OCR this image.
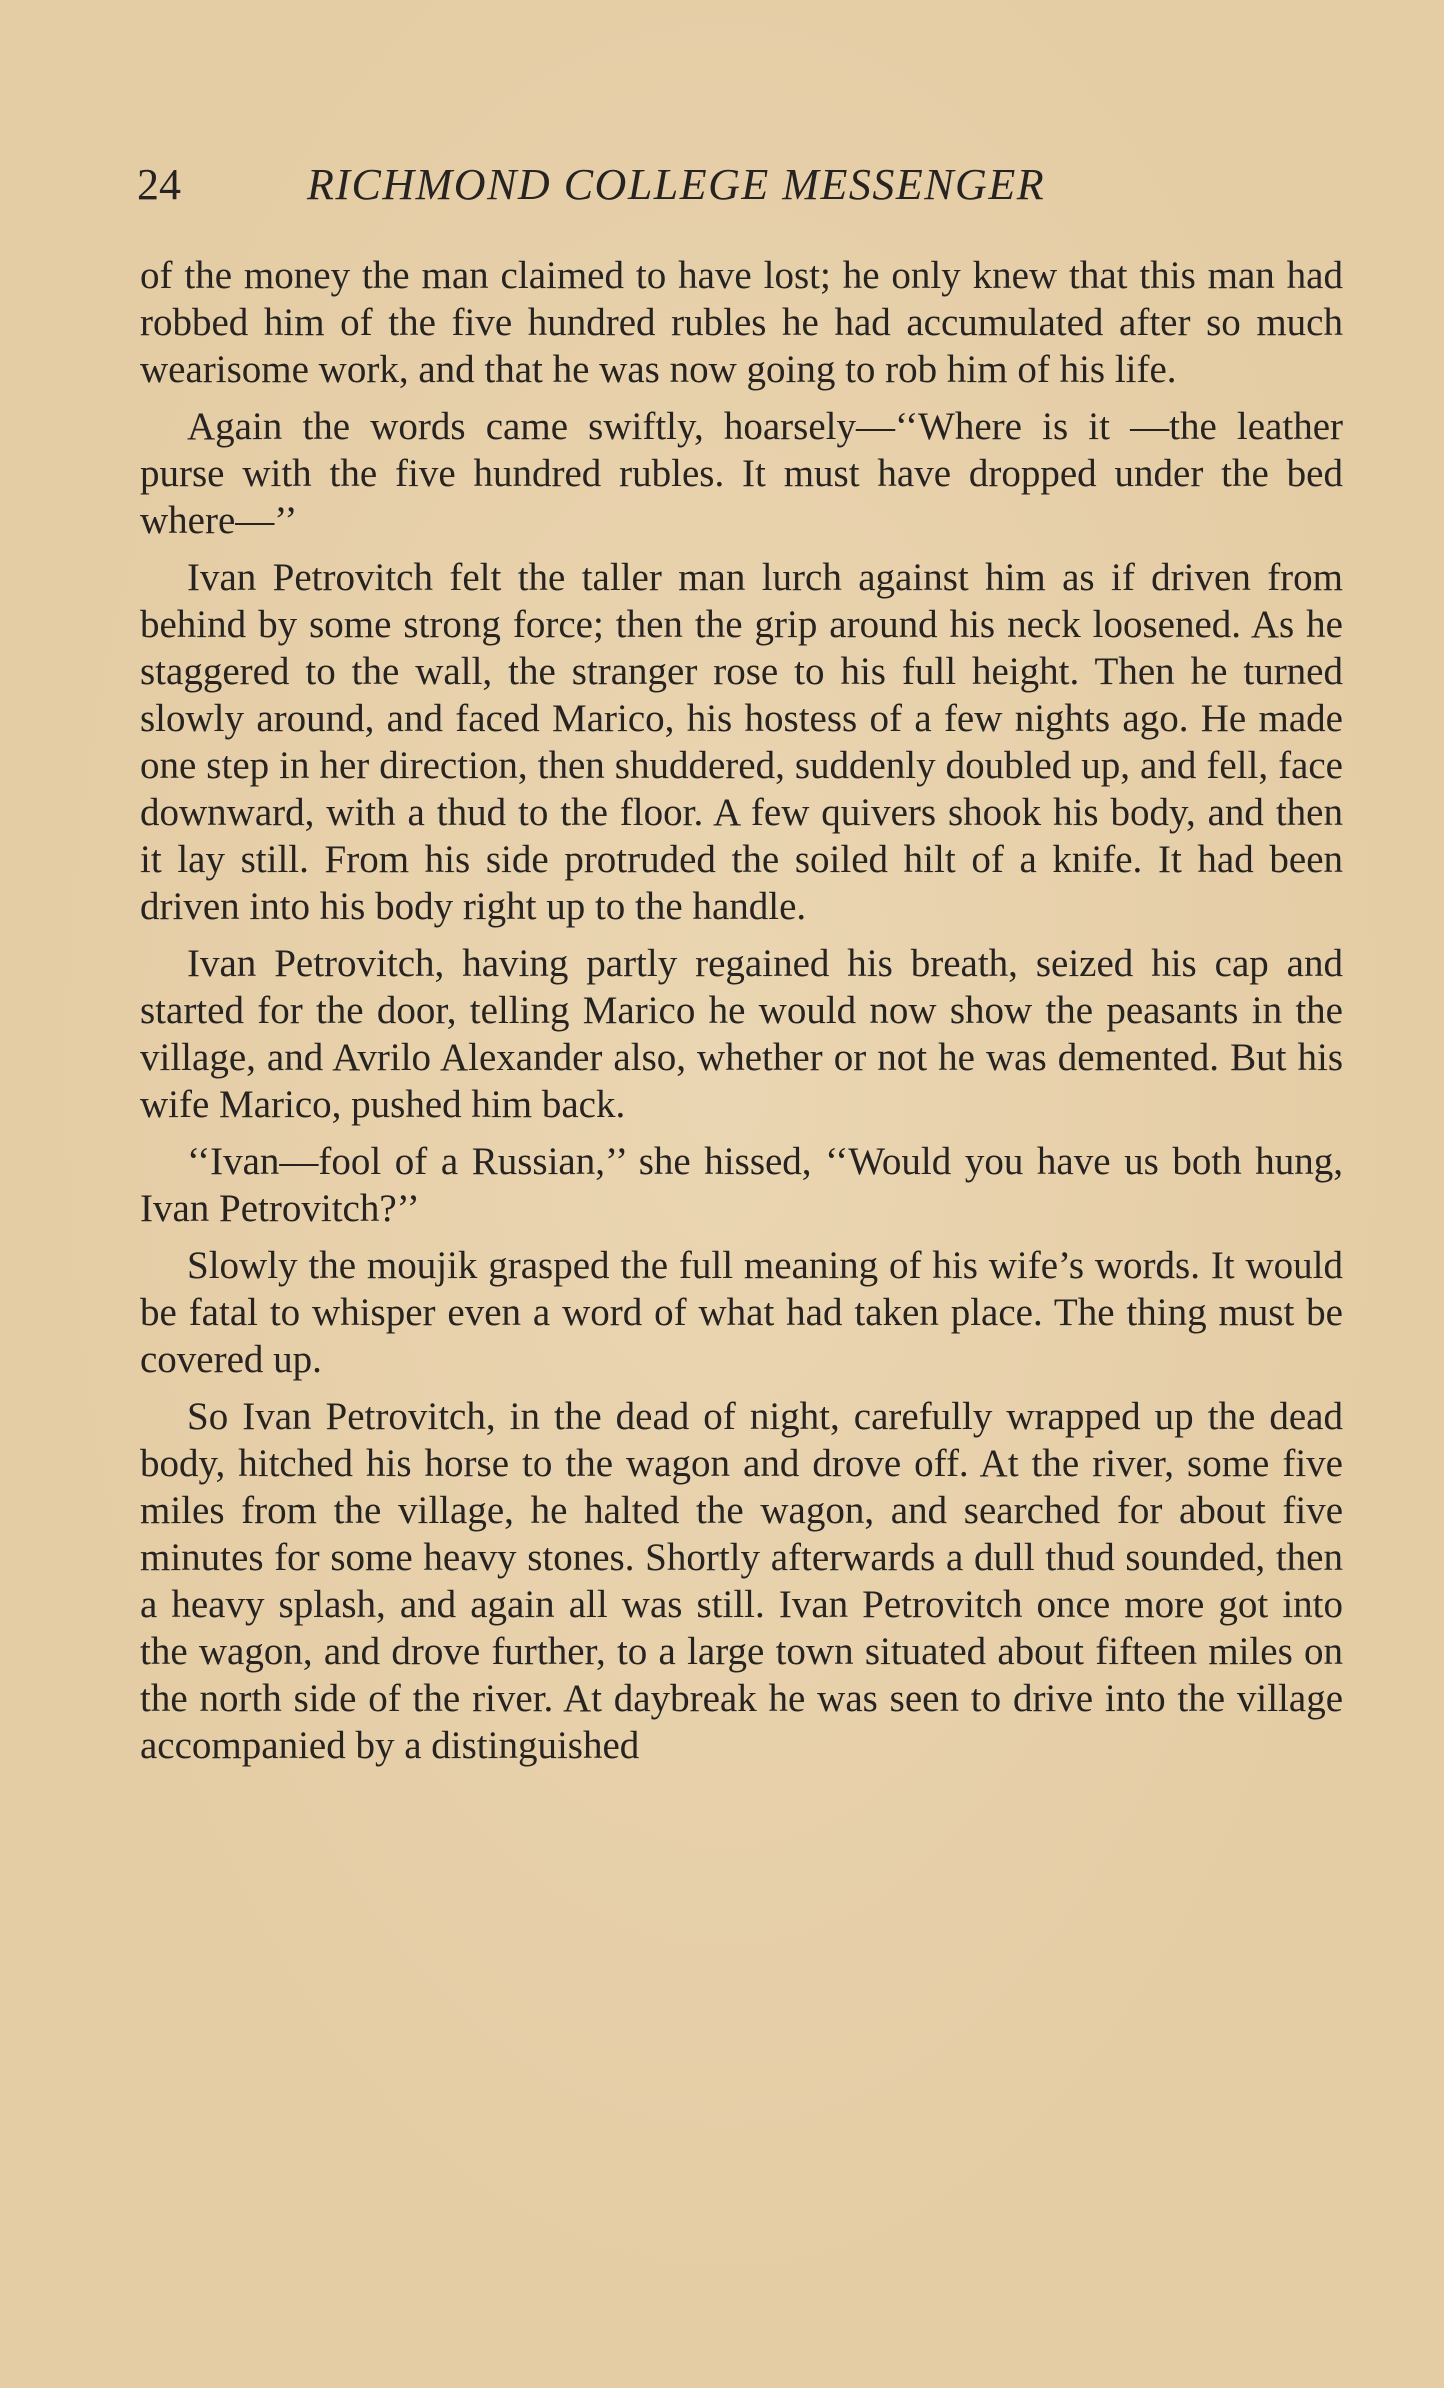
24	RICHMOND COLLEGE MESSENGER

of the money the man claimed to have lost; he only knew that this man had robbed him of the five hundred rubles he had accumulated after so much wearisome work, and that he was now going to rob him of his life.

Again the words came swiftly, hoarsely—‘‘Where is it —the leather purse with the five hundred rubles. It must have dropped under the bed where—’’

Ivan Petrovitch felt the taller man lurch against him as if driven from behind by some strong force; then the grip around his neck loosened. As he staggered to the wall, the stranger rose to his full height. Then he turned slowly around, and faced Marico, his hostess of a few nights ago. He made one step in her direction, then shuddered, suddenly doubled up, and fell, face downward, with a thud to the floor. A few quivers shook his body, and then it lay still. From his side protruded the soiled hilt of a knife. It had been driven into his body right up to the handle.

Ivan Petrovitch, having partly regained his breath, seized his cap and started for the door, telling Marico he would now show the peasants in the village, and Avrilo Alexander also, whether or not he was demented. But his wife Marico, pushed him back.

‘‘Ivan—fool of a Russian,’’ she hissed, ‘‘Would you have us both hung, Ivan Petrovitch?’’

Slowly the moujik grasped the full meaning of his wife’s words. It would be fatal to whisper even a word of what had taken place. The thing must be covered up.

So Ivan Petrovitch, in the dead of night, carefully wrapped up the dead body, hitched his horse to the wagon and drove off. At the river, some five miles from the village, he halted the wagon, and searched for about five minutes for some heavy stones. Shortly afterwards a dull thud sounded, then a heavy splash, and again all was still. Ivan Petrovitch once more got into the wagon, and drove further, to a large town situated about fifteen miles on the north side of the river. At daybreak he was seen to drive into the village accompanied by a distinguished
